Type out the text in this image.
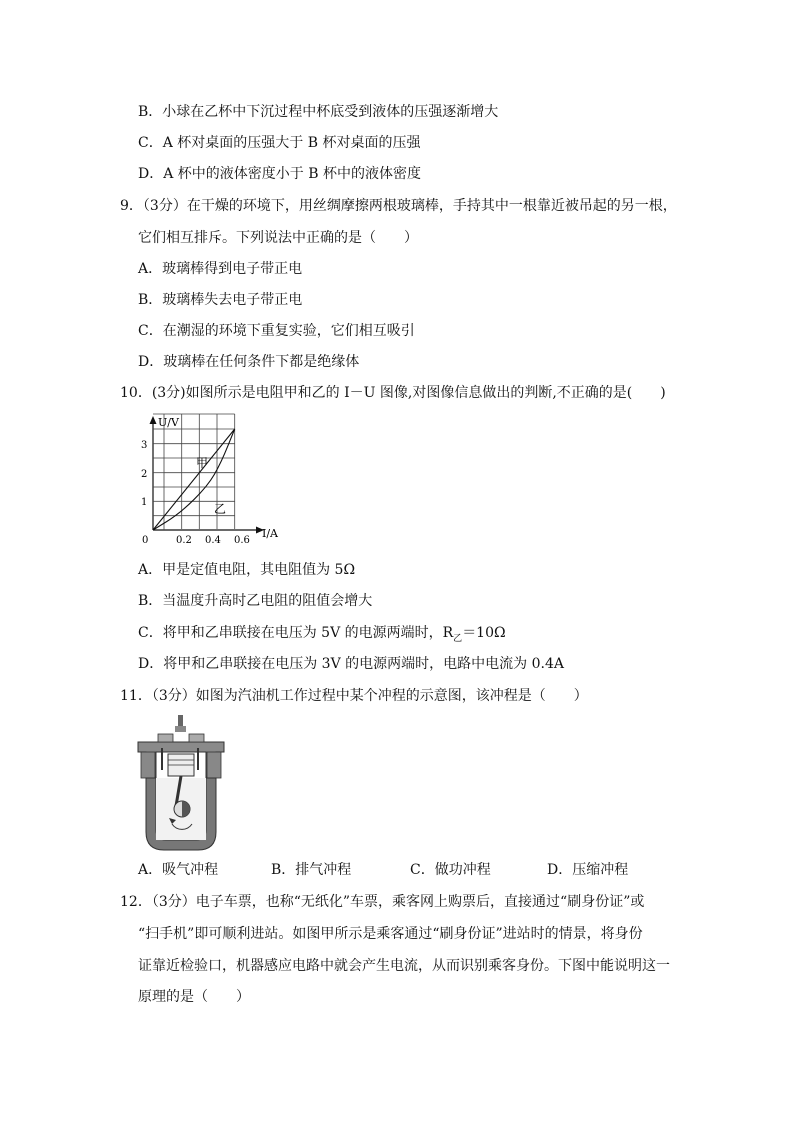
B．小球在乙杯中下沉过程中杯底受到液体的压强逐渐增大
C．A 杯对桌面的压强大于 B 杯对桌面的压强
D．A 杯中的液体密度小于 B 杯中的液体密度
9．（3分）在干燥的环境下，用丝绸摩擦两根玻璃棒，手持其中一根靠近被吊起的另一根，
它们相互排斥。下列说法中正确的是（　　）
A．玻璃棒得到电子带正电
B．玻璃棒失去电子带正电
C．在潮湿的环境下重复实验，它们相互吸引
D．玻璃棒在任何条件下都是绝缘体
10．(3分)如图所示是电阻甲和乙的 I－U 图像,对图像信息做出的判断,不正确的是(　　)
U/V
I/A
0
3
2
1
0.2 0.4 0.6
甲
乙
A．甲是定值电阻，其电阻值为 5Ω
B．当温度升高时乙电阻的阻值会增大
C．将甲和乙串联接在电压为 5V 的电源两端时，$R_乙=10\Omega$
D．将甲和乙串联接在电压为 3V 的电源两端时，电路中电流为 0.4A
11．（3分）如图为汽油机工作过程中某个冲程的示意图，该冲程是（　　）
A．吸气冲程	B．排气冲程	C．做功冲程	D．压缩冲程
12．（3分）电子车票，也称“无纸化”车票，乘客网上购票后，直接通过“刷身份证”或
“扫手机”即可顺利进站。如图甲所示是乘客通过“刷身份证”进站时的情景，将身份
证靠近检验口，机器感应电路中就会产生电流，从而识别乘客身份。下图中能说明这一
原理的是（　　）
